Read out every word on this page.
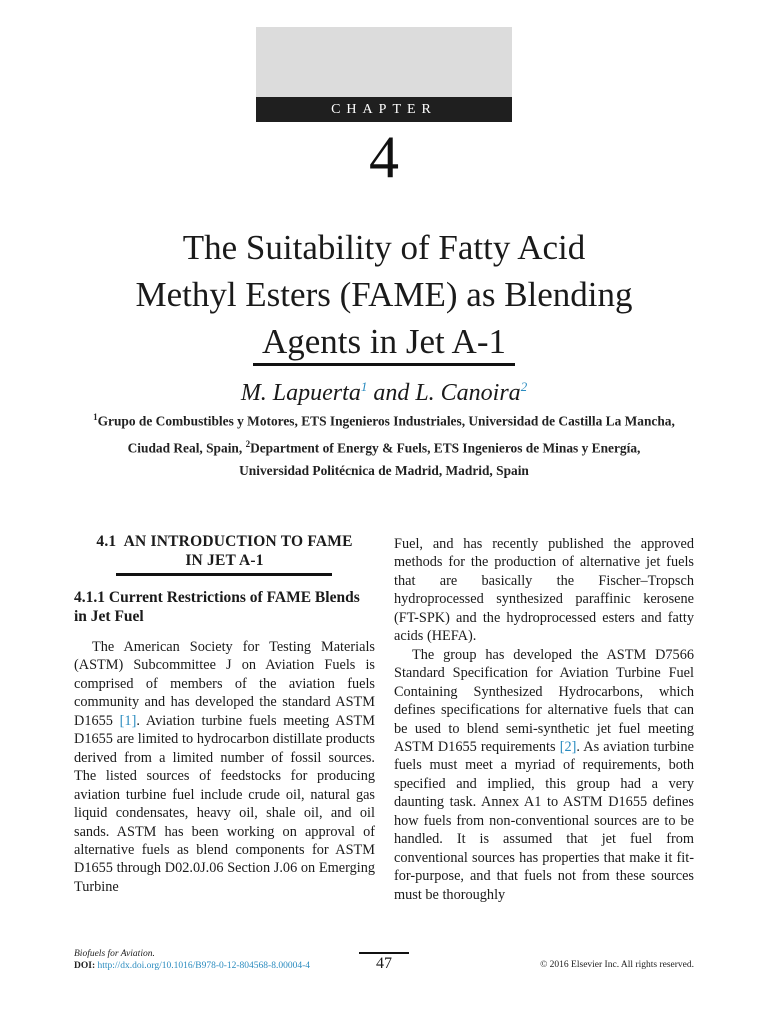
CHAPTER
4
The Suitability of Fatty Acid
Methyl Esters (FAME) as Blending
Agents in Jet A-1
M. Lapuerta$^1$ and L. Canoira$^2$
$^1$Grupo de Combustibles y Motores, ETS Ingenieros Industriales, Universidad de Castilla La Mancha,
Ciudad Real, Spain, $^2$Department of Energy & Fuels, ETS Ingenieros de Minas y Energía,
Universidad Politécnica de Madrid, Madrid, Spain
4.1  AN INTRODUCTION TO FAME
IN JET A-1
4.1.1 Current Restrictions of FAME Blends in Jet Fuel

The American Society for Testing Materials (ASTM) Subcommittee J on Aviation Fuels is comprised of members of the aviation fuels community and has developed the standard ASTM D1655 [1]. Aviation turbine fuels meeting ASTM D1655 are limited to hydrocarbon distillate products derived from a limited number of fossil sources. The listed sources of feedstocks for producing aviation turbine fuel include crude oil, natural gas liquid condensates, heavy oil, shale oil, and oil sands. ASTM has been working on approval of alternative fuels as blend components for ASTM D1655 through D02.0J.06 Section J.06 on Emerging Turbine

Fuel, and has recently published the approved methods for the production of alternative jet fuels that are basically the Fischer–Tropsch hydroprocessed synthesized paraffinic kerosene (FT-SPK) and the hydroprocessed esters and fatty acids (HEFA).

The group has developed the ASTM D7566 Standard Specification for Aviation Turbine Fuel Containing Synthesized Hydrocarbons, which defines specifications for alternative fuels that can be used to blend semi-synthetic jet fuel meeting ASTM D1655 requirements [2]. As aviation turbine fuels must meet a myriad of requirements, both specified and implied, this group had a very daunting task. Annex A1 to ASTM D1655 defines how fuels from non-conventional sources are to be handled. It is assumed that jet fuel from conventional sources has properties that make it fit-for-purpose, and that fuels not from these sources must be thoroughly

Biofuels for Aviation.
DOI: http://dx.doi.org/10.1016/B978-0-12-804568-8.00004-4	47	© 2016 Elsevier Inc. All rights reserved.
